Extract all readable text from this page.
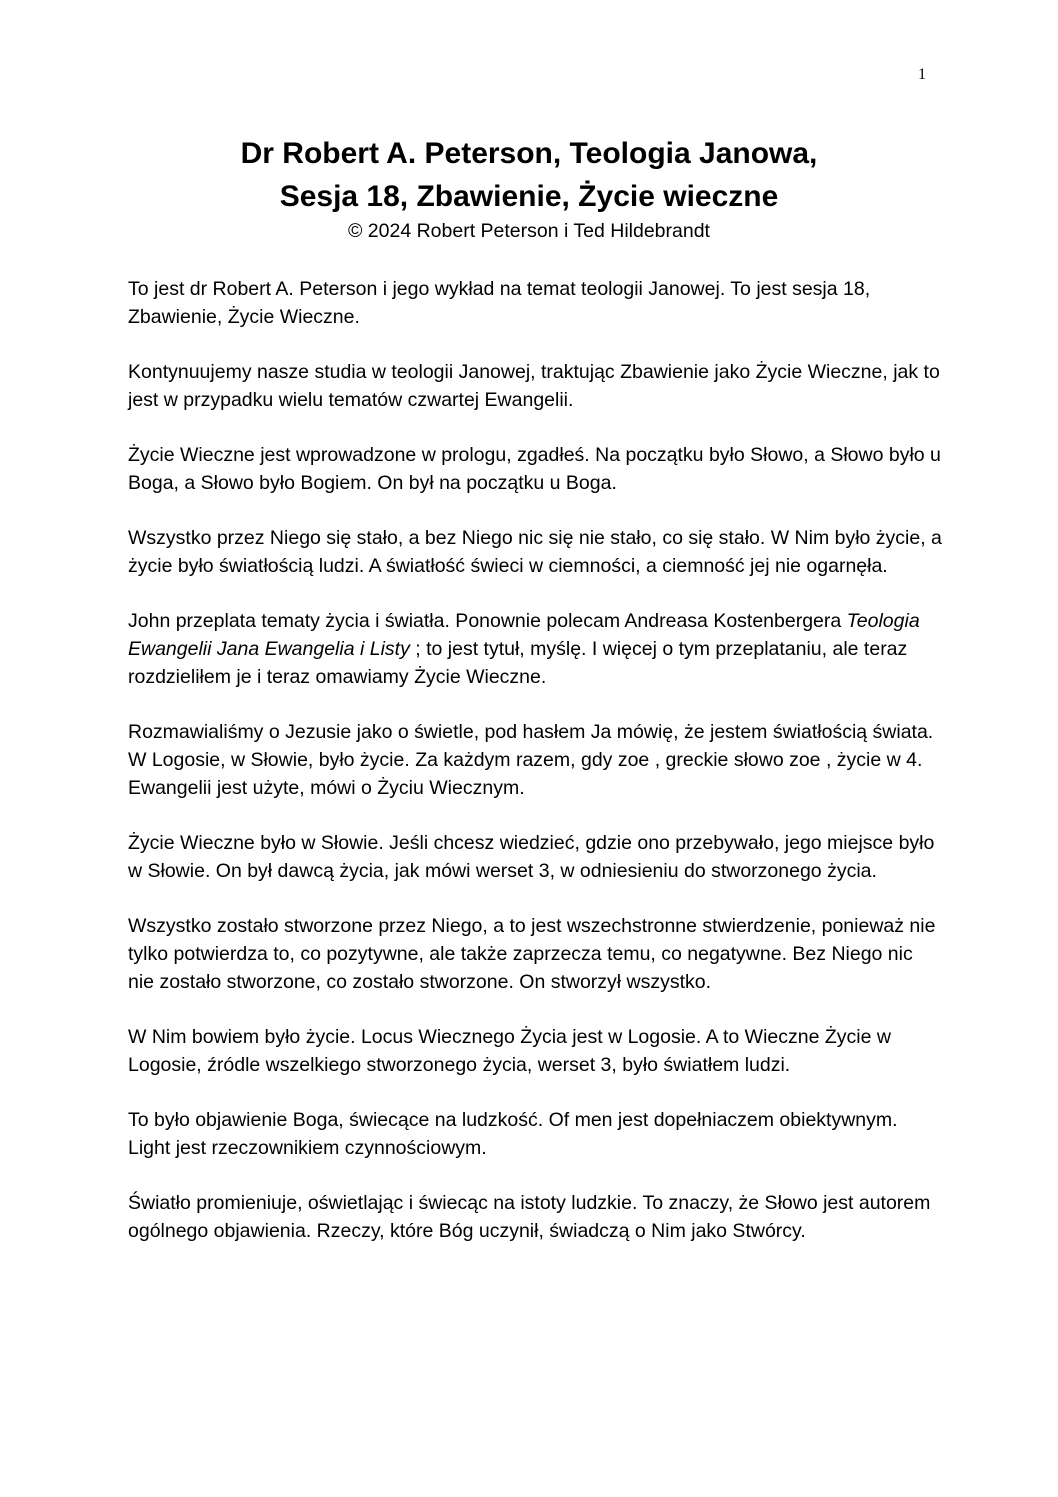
1
Dr Robert A. Peterson, Teologia Janowa,
Sesja 18, Zbawienie, Życie wieczne

© 2024 Robert Peterson i Ted Hildebrandt

To jest dr Robert A. Peterson i jego wykład na temat teologii Janowej. To jest sesja 18, Zbawienie, Życie Wieczne.

Kontynuujemy nasze studia w teologii Janowej, traktując Zbawienie jako Życie Wieczne, jak to jest w przypadku wielu tematów czwartej Ewangelii.

Życie Wieczne jest wprowadzone w prologu, zgadłeś. Na początku było Słowo, a Słowo było u Boga, a Słowo było Bogiem. On był na początku u Boga.

Wszystko przez Niego się stało, a bez Niego nic się nie stało, co się stało. W Nim było życie, a życie było światłością ludzi. A światłość świeci w ciemności, a ciemność jej nie ogarnęła.

John przeplata tematy życia i światła. Ponownie polecam Andreasa Kostenbergera Teologia Ewangelii Jana Ewangelia i Listy ; to jest tytuł, myślę. I więcej o tym przeplataniu, ale teraz rozdzieliłem je i teraz omawiamy Życie Wieczne.

Rozmawialiśmy o Jezusie jako o świetle, pod hasłem Ja mówię, że jestem światłością świata. W Logosie, w Słowie, było życie. Za każdym razem, gdy zoe , greckie słowo zoe , życie w 4. Ewangelii jest użyte, mówi o Życiu Wiecznym.

Życie Wieczne było w Słowie. Jeśli chcesz wiedzieć, gdzie ono przebywało, jego miejsce było w Słowie. On był dawcą życia, jak mówi werset 3, w odniesieniu do stworzonego życia.

Wszystko zostało stworzone przez Niego, a to jest wszechstronne stwierdzenie, ponieważ nie tylko potwierdza to, co pozytywne, ale także zaprzecza temu, co negatywne. Bez Niego nic nie zostało stworzone, co zostało stworzone. On stworzył wszystko.

W Nim bowiem było życie. Locus Wiecznego Życia jest w Logosie. A to Wieczne Życie w Logosie, źródle wszelkiego stworzonego życia, werset 3, było światłem ludzi.

To było objawienie Boga, świecące na ludzkość. Of men jest dopełniaczem obiektywnym. Light jest rzeczownikiem czynnościowym.

Światło promieniuje, oświetlając i świecąc na istoty ludzkie. To znaczy, że Słowo jest autorem ogólnego objawienia. Rzeczy, które Bóg uczynił, świadczą o Nim jako Stwórcy.
